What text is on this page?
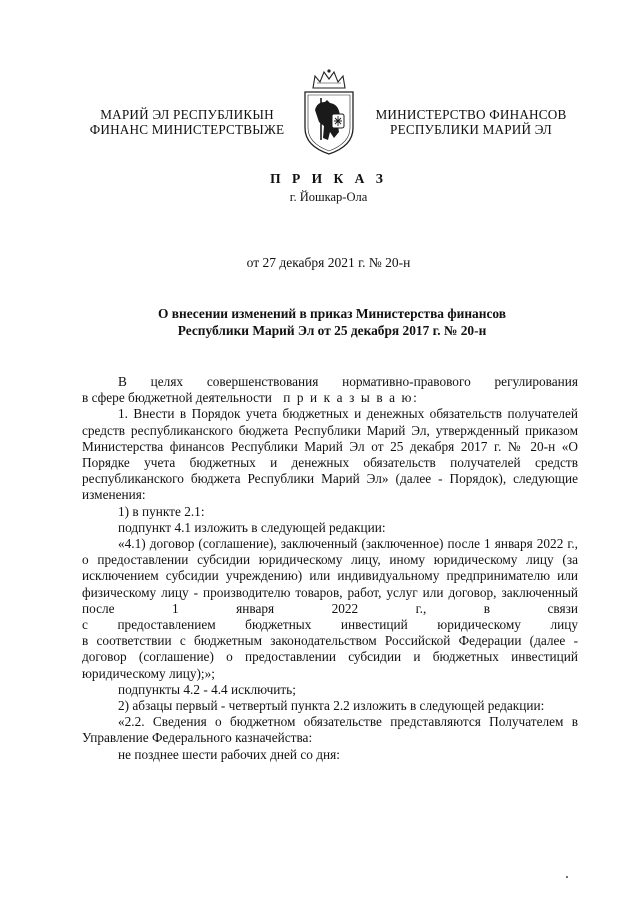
МАРИЙ ЭЛ РЕСПУБЛИКЫН
ФИНАНС МИНИСТЕРСТВЫЖЕ
МИНИСТЕРСТВО ФИНАНСОВ
РЕСПУБЛИКИ МАРИЙ ЭЛ
П Р И К А З
г. Йошкар-Ола
от 27 декабря 2021 г. № 20-н
О внесении изменений в приказ Министерства финансов
Республики Марий Эл от 25 декабря 2017 г. № 20-н
В целях совершенствования нормативно-правового регулирования
в сфере бюджетной деятельности п р и к а з ы в а ю:
1. Внести в Порядок учета бюджетных и денежных обязательств получателей средств республиканского бюджета Республики Марий Эл, утвержденный приказом Министерства финансов Республики Марий Эл от 25 декабря 2017 г. № 20-н «О Порядке учета бюджетных и денежных обязательств получателей средств республиканского бюджета Республики Марий Эл» (далее - Порядок), следующие изменения:
1) в пункте 2.1:
подпункт 4.1 изложить в следующей редакции:
«4.1) договор (соглашение), заключенный (заключенное) после 1 января 2022 г., о предоставлении субсидии юридическому лицу, иному юридическому лицу (за исключением субсидии учреждению) или индивидуальному предпринимателю или физическому лицу - производителю товаров, работ, услуг или договор, заключенный после 1 января 2022 г., в связи
с предоставлением бюджетных инвестиций юридическому лицу
в соответствии с бюджетным законодательством Российской Федерации (далее - договор (соглашение) о предоставлении субсидии и бюджетных инвестиций юридическому лицу);»;
подпункты 4.2 - 4.4 исключить;
2) абзацы первый - четвертый пункта 2.2 изложить в следующей редакции:
«2.2. Сведения о бюджетном обязательстве представляются Получателем в Управление Федерального казначейства:
не позднее шести рабочих дней со дня:
